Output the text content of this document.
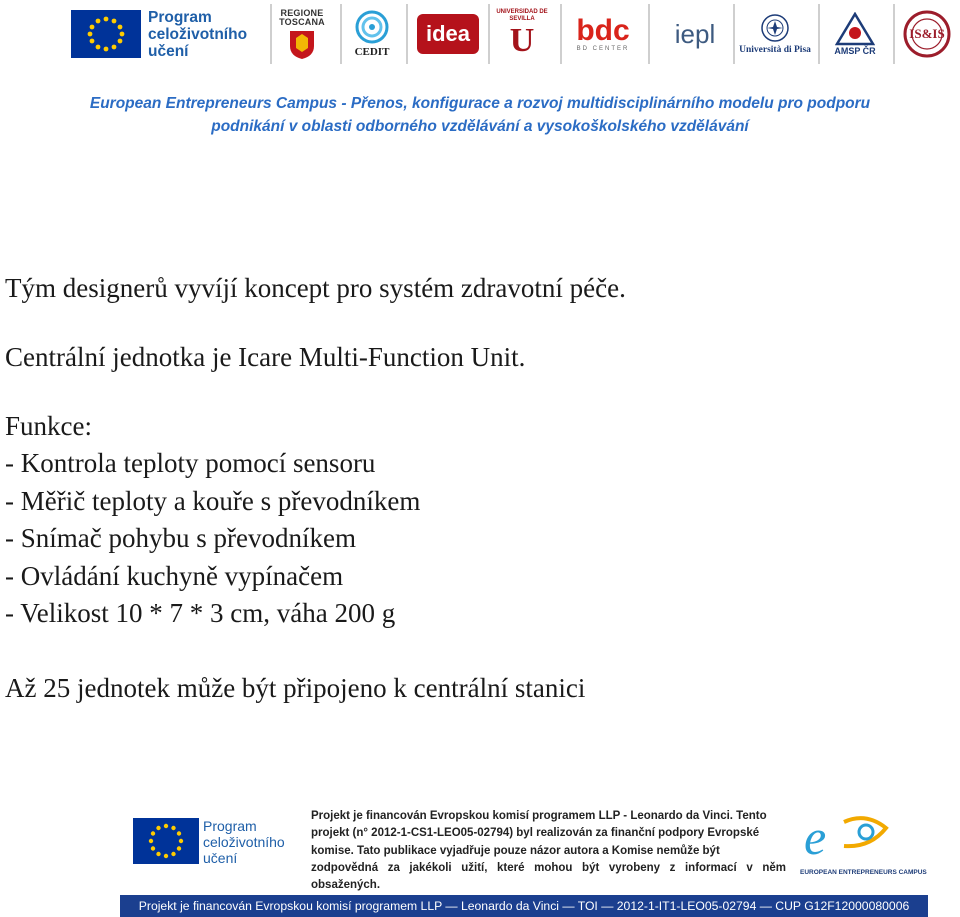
Program
celoživotního
učení
REGIONE
TOSCANA
CEDIT
idea
UNIVERSIDAD DE SEVILLA
U bdc
BD CENTER iepl
Università di Pisa	AMSP ČR
IS&IS
European Entrepreneurs Campus - Přenos, konfigurace a rozvoj multidisciplinárního modelu pro podporu
podnikání v oblasti odborného vzdělávání a vysokoškolského vzdělávání

Tým designerů vyvíjí koncept pro systém zdravotní péče.

Centrální jednotka je Icare Multi-Function Unit.

Funkce:

- Kontrola teploty pomocí sensoru

- Měřič teploty a kouře s převodníkem

- Snímač pohybu s převodníkem

- Ovládání kuchyně vypínačem

- Velikost 10 * 7 * 3 cm, váha 200 g

Až 25 jednotek může být připojeno k centrální stanici

Program
celoživotního
učení
Projekt je financován Evropskou komisí programem LLP - Leonardo da Vinci. Tento
projekt (n° 2012-1-CS1-LEO05-02794) byl realizován za finanční podpory Evropské
komise. Tato publikace vyjadřuje pouze názor autora a Komise nemůže být
zodpovědná za jakékoli užití, které mohou být vyrobeny z informací v něm obsažených.
e
EUROPEAN ENTREPRENEURS CAMPUS
Projekt je financován Evropskou komisí programem LLP — Leonardo da Vinci — TOI — 2012-1-IT1-LEO05-02794 — CUP G12F12000080006
